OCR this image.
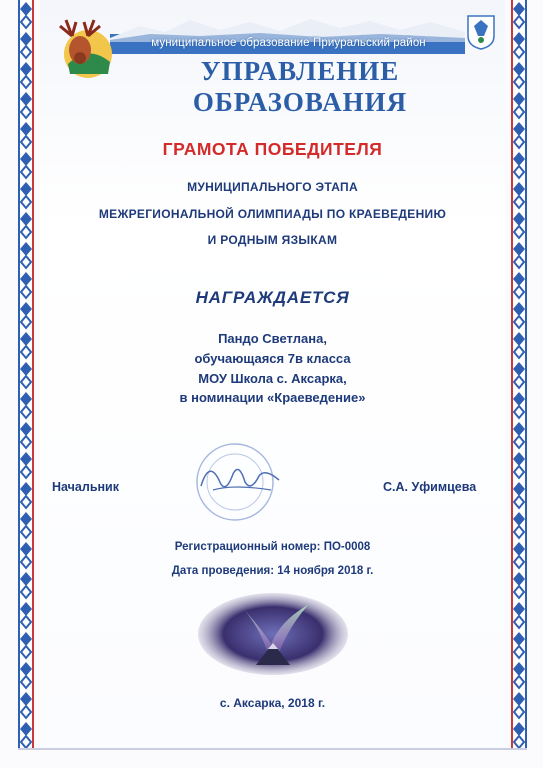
муниципальное образование Приуральский район
УПРАВЛЕНИЕ ОБРАЗОВАНИЯ
ГРАМОТА ПОБЕДИТЕЛЯ
МУНИЦИПАЛЬНОГО ЭТАПА
МЕЖРЕГИОНАЛЬНОЙ ОЛИМПИАДЫ ПО КРАЕВЕДЕНИЮ
И РОДНЫМ ЯЗЫКАМ
НАГРАЖДАЕТСЯ
Пандо Светлана,
обучающаяся 7в класса
МОУ Школа с. Аксарка,
в номинации «Краеведение»
Начальник	С.А. Уфимцева
Регистрационный номер: ПО-0008
Дата проведения: 14 ноября 2018 г.
с. Аксарка, 2018 г.
